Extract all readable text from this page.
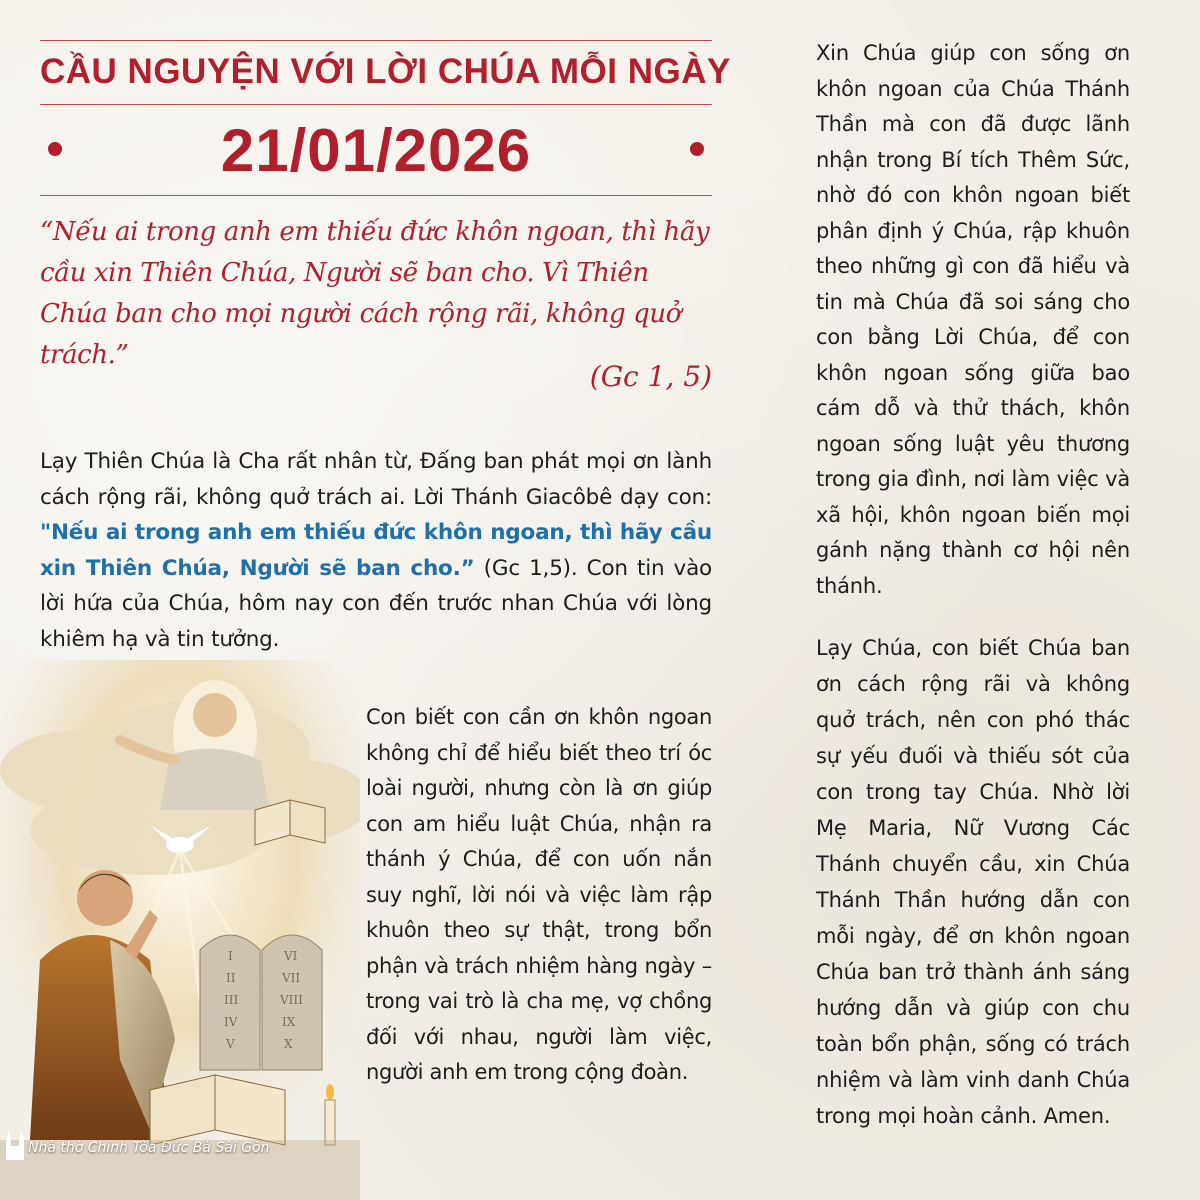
CẦU NGUYỆN VỚI LỜI CHÚA MỖI NGÀY
21/01/2026
“Nếu ai trong anh em thiếu đức khôn ngoan, thì hãy cầu xin Thiên Chúa, Người sẽ ban cho. Vì Thiên Chúa ban cho mọi người cách rộng rãi, không quở trách.”
(Gc 1, 5)
Lạy Thiên Chúa là Cha rất nhân từ, Đấng ban phát mọi ơn lành cách rộng rãi, không quở trách ai. Lời Thánh Giacôbê dạy con: "Nếu ai trong anh em thiếu đức khôn ngoan, thì hãy cầu xin Thiên Chúa, Người sẽ ban cho.” (Gc 1,5). Con tin vào lời hứa của Chúa, hôm nay con đến trước nhan Chúa với lòng khiêm hạ và tin tưởng.
I
II
III
IV
V
VI
VII
VIII
IX
X
Nhà thờ Chính Tòa Đức Bà Sài Gòn
Con biết con cần ơn khôn ngoan không chỉ để hiểu biết theo trí óc loài người, nhưng còn là ơn giúp con am hiểu luật Chúa, nhận ra thánh ý Chúa, để con uốn nắn suy nghĩ, lời nói và việc làm rập khuôn theo sự thật, trong bổn phận và trách nhiệm hàng ngày – trong vai trò là cha mẹ, vợ chồng đối với nhau, người làm việc, người anh em trong cộng đoàn.
Xin Chúa giúp con sống ơn khôn ngoan của Chúa Thánh Thần mà con đã được lãnh nhận trong Bí tích Thêm Sức, nhờ đó con khôn ngoan biết phân định ý Chúa, rập khuôn theo những gì con đã hiểu và tin mà Chúa đã soi sáng cho con bằng Lời Chúa, để con khôn ngoan sống giữa bao cám dỗ và thử thách, khôn ngoan sống luật yêu thương trong gia đình, nơi làm việc và xã hội, khôn ngoan biến mọi gánh nặng thành cơ hội nên thánh.
Lạy Chúa, con biết Chúa ban ơn cách rộng rãi và không quở trách, nên con phó thác sự yếu đuối và thiếu sót của con trong tay Chúa. Nhờ lời Mẹ Maria, Nữ Vương Các Thánh chuyển cầu, xin Chúa Thánh Thần hướng dẫn con mỗi ngày, để ơn khôn ngoan Chúa ban trở thành ánh sáng hướng dẫn và giúp con chu toàn bổn phận, sống có trách nhiệm và làm vinh danh Chúa trong mọi hoàn cảnh. Amen.
